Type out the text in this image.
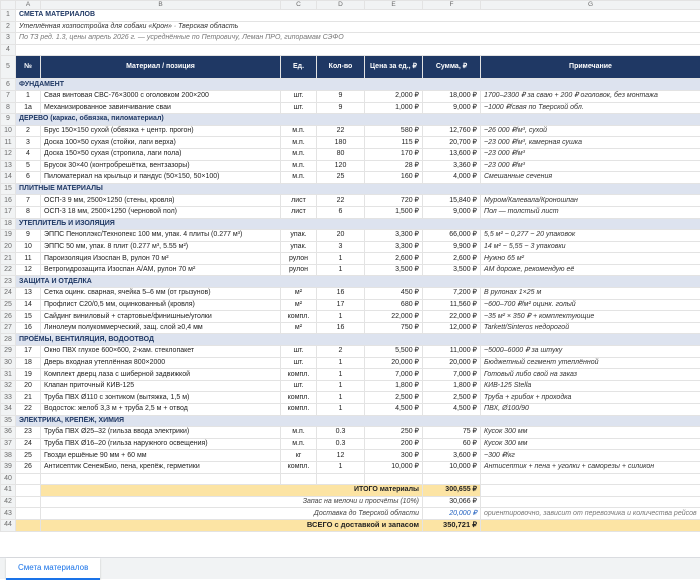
	A	B	C	D	E	F	G
1	СМЕТА МАТЕРИАЛОВ						
2	Утеплённая хозпостройка для собаки «Крон» · Тверская область						
3	По ТЗ ред. 1.3, цены апрель 2026 г. — усреднённые по Петровичу, Леман ПРО, гипорамам СЭФО						
4							
5	№	Материал / позиция	Ед.	Кол-во	Цена за ед., ₽	Сумма, ₽	Примечание
6	ФУНДАМЕНТ						
7	1	Свая винтовая СВС-76×3000 с оголовком 200×200	шт.	9	2,000 ₽	18,000 ₽	1700–2300 ₽ за сваю + 200 ₽ оголовок, без монтажа
8	1а	Механизированное завинчивание сваи	шт.	9	1,000 ₽	9,000 ₽	~1000 ₽/свая по Тверской обл.
9	ДЕРЕВО (каркас, обвязка, пиломатериал)						
10	2	Брус 150×150 сухой (обвязка + центр. прогон)	м.п.	22	580 ₽	12,760 ₽	~26 000 ₽/м³, сухой
11	3	Доска 100×50 сухая (стойки, лаги верха)	м.п.	180	115 ₽	20,700 ₽	~23 000 ₽/м³, камерная сушка
12	4	Доска 150×50 сухая (стропила, лаги пола)	м.п.	80	170 ₽	13,600 ₽	~23 000 ₽/м³
13	5	Брусок 30×40 (контробрешётка, вентзазоры)	м.п.	120	28 ₽	3,360 ₽	~23 000 ₽/м³
14	6	Пиломатериал на крыльцо и пандус (50×150, 50×100)	м.п.	25	160 ₽	4,000 ₽	Смешанные сечения
15	ПЛИТНЫЕ МАТЕРИАЛЫ						
16	7	ОСП-3 9 мм, 2500×1250 (стены, кровля)	лист	22	720 ₽	15,840 ₽	Муром/Калевала/Кроношпан
17	8	ОСП-3 18 мм, 2500×1250 (черновой пол)	лист	6	1,500 ₽	9,000 ₽	Пол — толстый лист
18	УТЕПЛИТЕЛЬ И ИЗОЛЯЦИЯ						
19	9	ЭППС Пеноплэкс/Технопекс 100 мм, упак. 4 плиты (0.277 м³)	упак.	20	3,300 ₽	66,000 ₽	5,5 м² ~ 0,277 ~ 20 упаковок
20	10	ЭППС 50 мм, упак. 8 плит (0.277 м³, 5.55 м²)	упак.	3	3,300 ₽	9,900 ₽	14 м² ~ 5,55 ~ 3 упаковки
21	11	Пароизоляция Изоспан В, рулон 70 м²	рулон	1	2,600 ₽	2,600 ₽	Нужно 65 м²
22	12	Ветрогидрозащита Изоспан А/АМ, рулон 70 м²	рулон	1	3,500 ₽	3,500 ₽	АМ дороже, рекомендую её
23	ЗАЩИТА И ОТДЕЛКА						
24	13	Сетка оцинк. сварная, ячейка 5–6 мм (от грызунов)	м²	16	450 ₽	7,200 ₽	В рулонах 1×25 м
25	14	Профлист С20/0,5 мм, оцинкованный (кровля)	м²	17	680 ₽	11,560 ₽	~600–700 ₽/м² оцинк. голый
26	15	Сайдинг виниловый + стартовые/финишные/уголки	компл.	1	22,000 ₽	22,000 ₽	~35 м² × 350 ₽ + комплектующие
27	16	Линолеум полукоммерческий, защ. слой ≥0,4 мм	м²	16	750 ₽	12,000 ₽	Tarkett/Sinteros недорогой
28	ПРОЁМЫ, ВЕНТИЛЯЦИЯ, ВОДООТВОД						
29	17	Окно ПВХ глухое 600×600, 2-кам. стеклопакет	шт.	2	5,500 ₽	11,000 ₽	~5000–6000 ₽ за штуку
30	18	Дверь входная утеплённая 800×2000	шт.	1	20,000 ₽	20,000 ₽	Бюджетный сегмент утеплённой
31	19	Комплект дверц лаза с шиберной задвижкой	компл.	1	7,000 ₽	7,000 ₽	Готовый либо свой на заказ
32	20	Клапан приточный КИВ-125	шт.	1	1,800 ₽	1,800 ₽	КИВ-125 Stella
33	21	Труба ПВХ Ø110 с зонтиком (вытяжка, 1,5 м)	компл.	1	2,500 ₽	2,500 ₽	Труба + грибок + проходка
34	22	Водосток: желоб 3,3 м + труба 2,5 м + отвод	компл.	1	4,500 ₽	4,500 ₽	ПВХ, Ø100/90
35	ЭЛЕКТРИКА, КРЕПЁЖ, ХИМИЯ						
36	23	Труба ПВХ Ø25–32 (гильза ввода электрики)	м.п.	0.3	250 ₽	75 ₽	Кусок 300 мм
37	24	Труба ПВХ Ø16–20 (гильза наружного освещения)	м.п.	0.3	200 ₽	60 ₽	Кусок 300 мм
38	25	Гвозди ершёные 90 мм + 60 мм	кг	12	300 ₽	3,600 ₽	~300 ₽/кг
39	26	Антисептик СенежБио, пена, крепёж, герметики	компл.	1	10,000 ₽	10,000 ₽	Антисептик + пена + уголки + саморезы + силикон
40							
41		ИТОГО материалы				300,655 ₽	
42		Запас на мелочи и просчёты (10%)				30,066 ₽	
43		Доставка до Тверской области				20,000 ₽	ориентировочно, зависит от перевозчика и количества рейсов
44		ВСЕГО с доставкой и запасом				350,721 ₽	
Смета материалов
